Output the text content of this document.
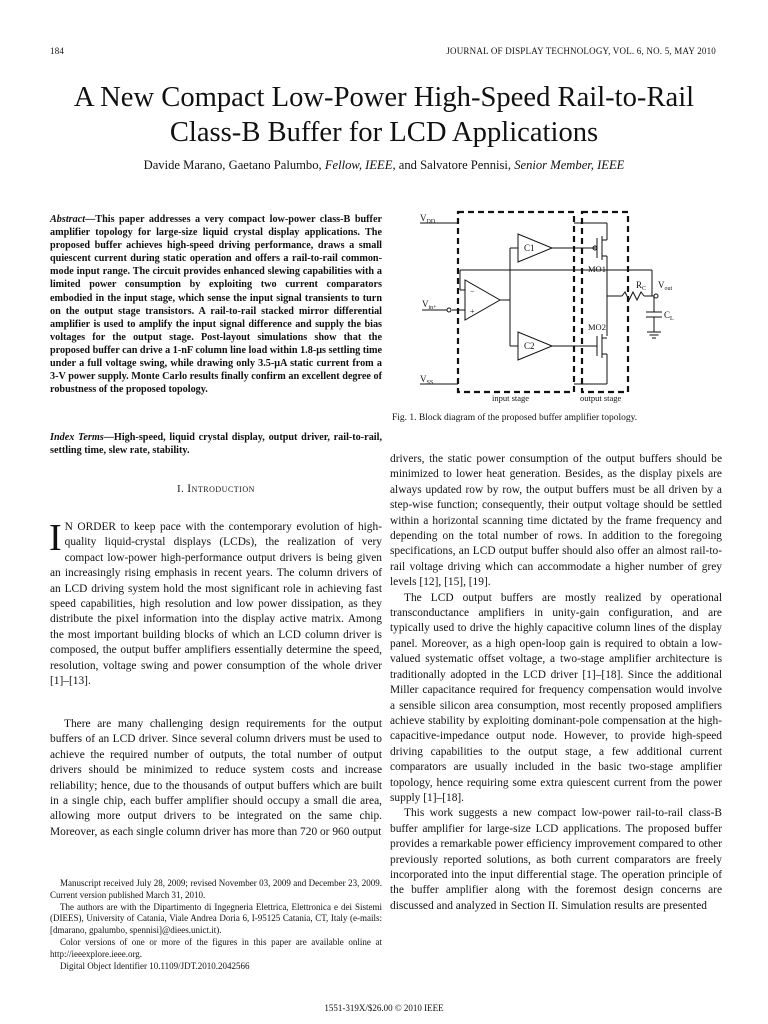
184	JOURNAL OF DISPLAY TECHNOLOGY, VOL. 6, NO. 5, MAY 2010
A New Compact Low-Power High-Speed Rail-to-Rail
Class-B Buffer for LCD Applications
Davide Marano, Gaetano Palumbo, Fellow, IEEE, and Salvatore Pennisi, Senior Member, IEEE
Abstract—This paper addresses a very compact low-power class-B buffer amplifier topology for large-size liquid crystal display applications. The proposed buffer achieves high-speed driving performance, draws a small quiescent current during static operation and offers a rail-to-rail common-mode input range. The circuit provides enhanced slewing capabilities with a limited power consumption by exploiting two current comparators embodied in the input stage, which sense the input signal transients to turn on the output stage transistors. A rail-to-rail stacked mirror differential amplifier is used to amplify the input signal difference and supply the bias voltages for the output stage. Post-layout simulations show that the proposed buffer can drive a 1-nF column line load within 1.8-μs settling time under a full voltage swing, while drawing only 3.5-μA static current from a 3-V power supply. Monte Carlo results finally confirm an excellent degree of robustness of the proposed topology.
Index Terms—High-speed, liquid crystal display, output driver, rail-to-rail, settling time, slew rate, stability.
I. Introduction
I N ORDER to keep pace with the contemporary evolution of high-quality liquid-crystal displays (LCDs), the realization of very compact low-power high-performance output drivers is being given an increasingly rising emphasis in recent years. The column drivers of an LCD driving system hold the most significant role in achieving fast speed capabilities, high resolution and low power dissipation, as they distribute the pixel information into the display active matrix. Among the most important building blocks of which an LCD column driver is composed, the output buffer amplifiers essentially determine the speed, resolution, voltage swing and power consumption of the whole driver [1]–[13].
There are many challenging design requirements for the output buffers of an LCD driver. Since several column drivers must be used to achieve the required number of outputs, the total number of output drivers should be minimized to reduce system costs and increase reliability; hence, due to the thousands of output buffers which are built in a single chip, each buffer amplifier should occupy a small die area, allowing more output drivers to be integrated on the same chip. Moreover, as each single column driver has more than 720 or 960 output

Manuscript received July 28, 2009; revised November 03, 2009 and December 23, 2009. Current version published March 31, 2010.

The authors are with the Dipartimento di Ingegneria Elettrica, Elettronica e dei Sistemi (DIEES), University of Catania, Viale Andrea Doria 6, I-95125 Catania, CT, Italy (e-mails: [dmarano, gpalumbo, spennisi]@diees.unict.it).

Color versions of one or more of the figures in this paper are available online at http://ieeexplore.ieee.org.

Digital Object Identifier 10.1109/JDT.2010.2042566

1551-319X/$26.00 © 2010 IEEE

drivers, the static power consumption of the output buffers should be minimized to lower heat generation. Besides, as the display pixels are always updated row by row, the output buffers must be all driven by a step-wise function; consequently, their output voltage should be settled within a horizontal scanning time dictated by the frame frequency and depending on the total number of rows. In addition to the foregoing specifications, an LCD output buffer should also offer an almost rail-to-rail voltage driving which can accommodate a higher number of grey levels [12], [15], [19].

The LCD output buffers are mostly realized by operational transconductance amplifiers in unity-gain configuration, and are typically used to drive the highly capacitive column lines of the display panel. Moreover, as a high open-loop gain is required to obtain a low-valued systematic offset voltage, a two-stage amplifier architecture is traditionally adopted in the LCD driver [1]–[18]. Since the additional Miller capacitance required for frequency compensation would involve a sensible silicon area consumption, most recently proposed amplifiers achieve stability by exploiting dominant-pole compensation at the high-capacitive-impedance output node. However, to provide high-speed driving capabilities to the output stage, a few additional current comparators are usually included in the basic two-stage amplifier topology, hence requiring some extra quiescent current from the power supply [1]–[18].

This work suggests a new compact low-power rail-to-rail class-B buffer amplifier for large-size LCD applications. The proposed buffer provides a remarkable power efficiency improvement compared to other previously reported solutions, as both current comparators are freely incorporated into the input differential stage. The operation principle of the buffer amplifier along with the foremost design concerns are discussed and analyzed in Section II. Simulation results are presented

$V_{DD}$
$V_{SS}$
$V_{in+}$
−
+
C1
C2
MO1
MO2
$R_C$ $V_{out}$
$C_L$
input stage	output stage
Fig. 1. Block diagram of the proposed buffer amplifier topology.
